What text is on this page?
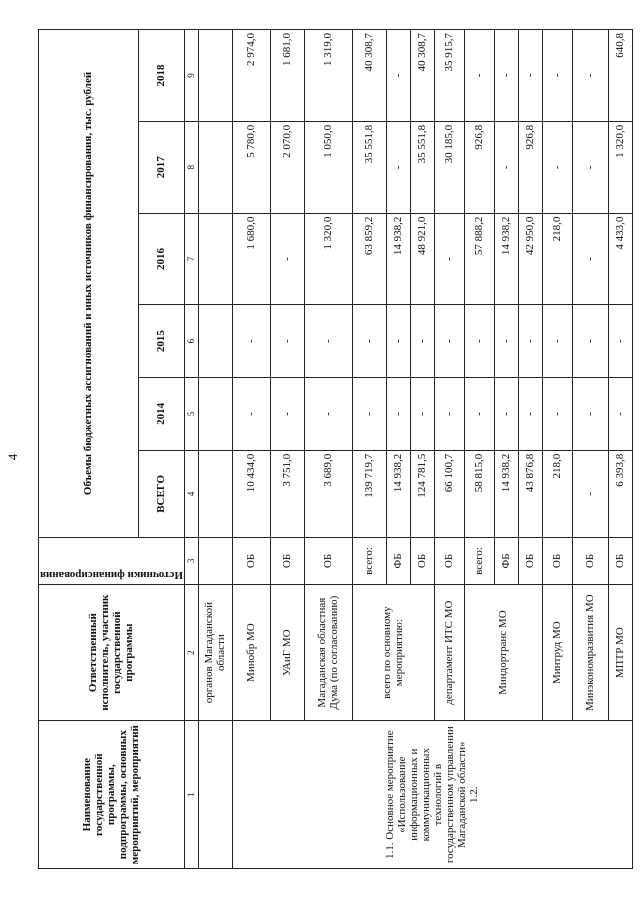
4
Наименование государственной программы, подпрограммы, основных мероприятий, мероприятий	Ответственный исполнитель, участник государственной программы	Источники финансирования	Объемы бюджетных ассигнований и иных источников финансирования, тыс. рублей					
			ВСЕГО	2014	2015	2016	2017	2018
1	2	3	4	5	6	7	8	9
	органов Магаданской области							
1.1. Основное мероприятие «Использование информационных и коммуникационных технологий в государственном управлении Магаданской области»
1.2.	Минобр МО	ОБ	10 434,0	-	-	1 680,0	5 780,0	2 974,0
	УАиГ МО	ОБ	3 751,0	-	-	-	2 070,0	1 681,0
	Магаданская областная Дума (по согласованию)	ОБ	3 689,0	-	-	1 320,0	1 050,0	1 319,0
	всего по основному мероприятию:	всего:	139 719,7	-	-	63 859,2	35 551,8	40 308,7
		ФБ	14 938,2	-	-	14 938,2	-	-
		ОБ	124 781,5	-	-	48 921,0	35 551,8	40 308,7
	департамент ИТС МО	ОБ	66 100,7	-	-	-	30 185,0	35 915,7
	Миндортранс МО	всего:	58 815,0	-	-	57 888,2	926,8	-
		ФБ	14 938,2	-	-	14 938,2	-	-
		ОБ	43 876,8	-	-	42 950,0	926,8	-
	Минтруд МО	ОБ	218,0	-	-	218,0	-	-
	Минэкономразвития МО	ОБ	-	-	-	-	-	-
	МПТР МО	ОБ	6 393,8	-	-	4 433,0	1 320,0	640,8
